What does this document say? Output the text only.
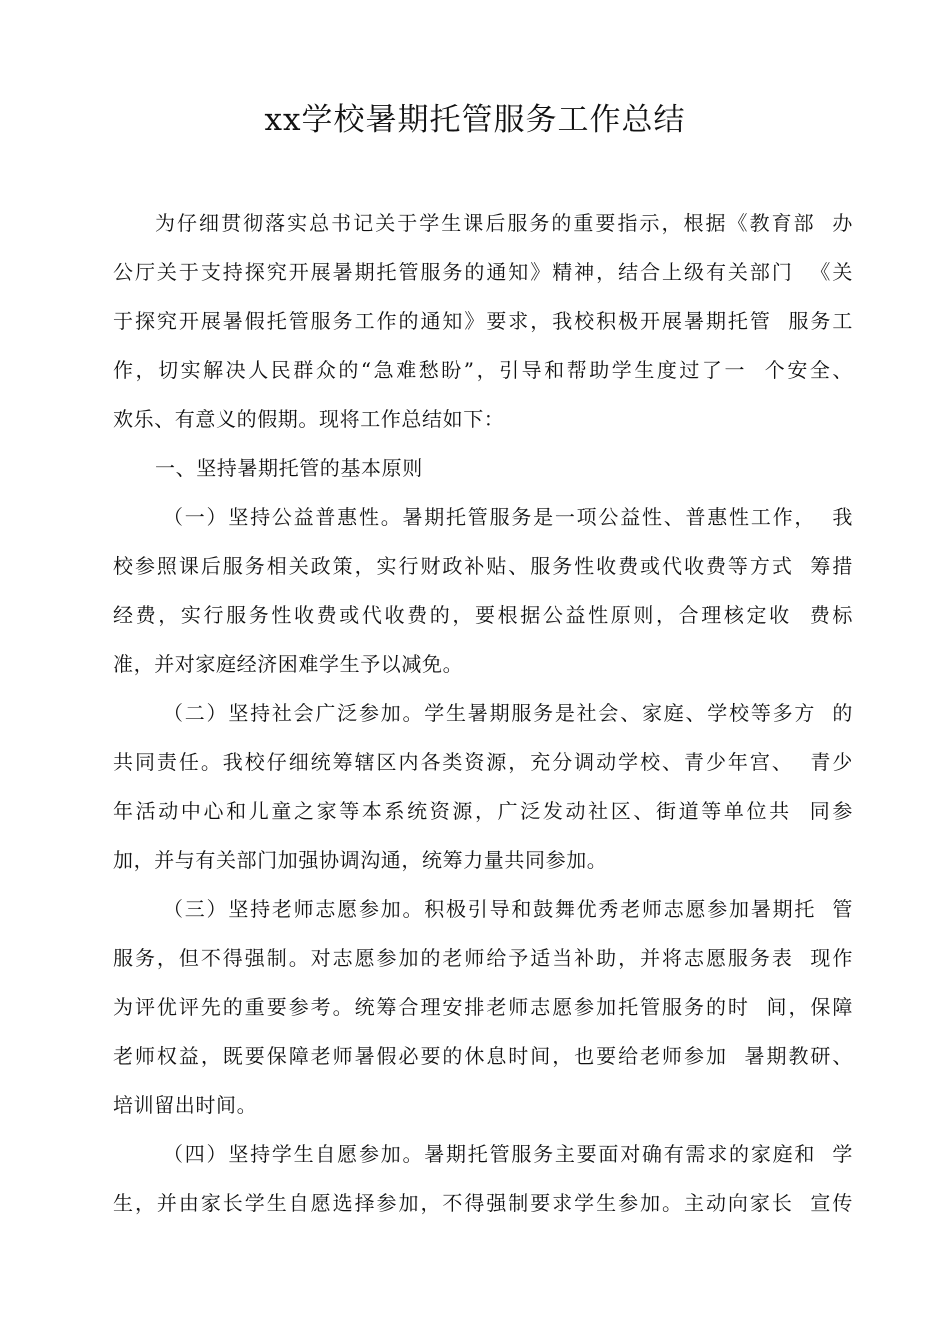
xx学校暑期托管服务工作总结
为仔细贯彻落实总书记关于学生课后服务的重要指示，根据《教育部  办
公厅关于支持探究开展暑期托管服务的通知》精神，结合上级有关部门  《关
于探究开展暑假托管服务工作的通知》要求，我校积极开展暑期托管  服务工
作，切实解决人民群众的“急难愁盼”，引导和帮助学生度过了一  个安全、
欢乐、有意义的假期。现将工作总结如下：
一、坚持暑期托管的基本原则
（一）坚持公益普惠性。暑期托管服务是一项公益性、普惠性工作，  我
校参照课后服务相关政策，实行财政补贴、服务性收费或代收费等方式  筹措
经费，实行服务性收费或代收费的，要根据公益性原则，合理核定收  费标
准，并对家庭经济困难学生予以减免。
（二）坚持社会广泛参加。学生暑期服务是社会、家庭、学校等多方  的
共同责任。我校仔细统筹辖区内各类资源，充分调动学校、青少年宫、  青少
年活动中心和儿童之家等本系统资源，广泛发动社区、街道等单位共  同参
加，并与有关部门加强协调沟通，统筹力量共同参加。
（三）坚持老师志愿参加。积极引导和鼓舞优秀老师志愿参加暑期托  管
服务，但不得强制。对志愿参加的老师给予适当补助，并将志愿服务表  现作
为评优评先的重要参考。统筹合理安排老师志愿参加托管服务的时  间，保障
老师权益，既要保障老师暑假必要的休息时间，也要给老师参加  暑期教研、
培训留出时间。
（四）坚持学生自愿参加。暑期托管服务主要面对确有需求的家庭和  学
生，并由家长学生自愿选择参加，不得强制要求学生参加。主动向家长  宣传
